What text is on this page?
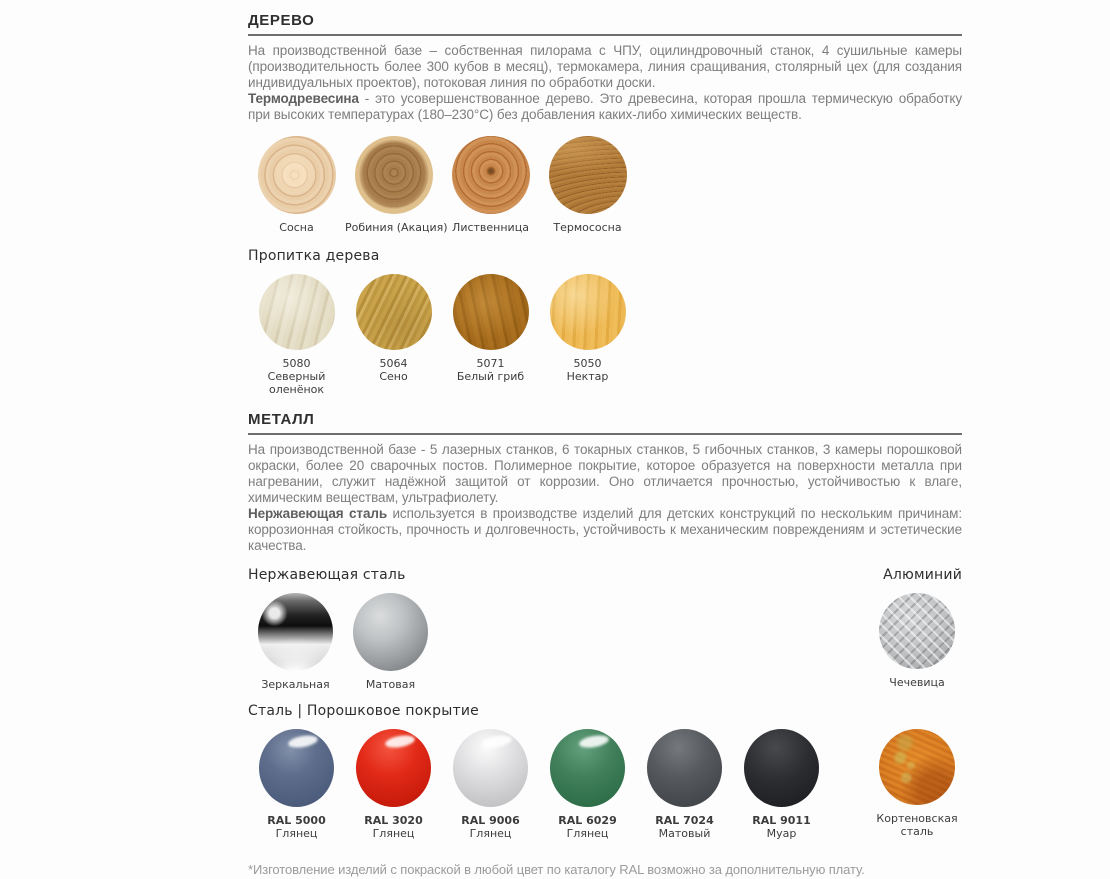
ДЕРЕВО

На производственной базе – собственная пилорама с ЧПУ, оцилиндровочный станок, 4 сушильные камеры (производительность более 300 кубов в месяц), термокамера, линия сращивания, столярный цех (для создания индивидуальных проектов), потоковая линия по обработки доски.

Термодревесина - это усовершенствованное дерево. Это древесина, которая прошла термическую обработку при высоких температурах (180–230°С) без добавления каких-либо химических веществ.

Сосна	Робиния (Акация) Лиственница	Термососна
Пропитка дерева
5080
Северный оленёнок
5064
Сено
5071
Белый гриб
5050
Нектар
МЕТАЛЛ

На производственной базе - 5 лазерных станков, 6 токарных станков, 5 гибочных станков, 3 камеры порошковой окраски, более 20 сварочных постов. Полимерное покрытие, которое образуется на поверхности металла при нагревании, служит надёжной защитой от коррозии. Оно отличается прочностью, устойчивостью к влаге, химическим веществам, ультрафиолету.

Нержавеющая сталь используется в производстве изделий для детских конструкций по нескольким причинам: коррозионная стойкость, прочность и долговечность, устойчивость к механическим повреждениям и эстетические качества.

Нержавеющая сталь	Алюминий
Зеркальная	Матовая	Чечевица
Сталь | Порошковое покрытие
RAL 5000
Глянец
RAL 3020
Глянец
RAL 9006
Глянец
RAL 6029
Глянец
RAL 7024
Матовый
RAL 9011
Муар
Кортеновская
сталь

*Изготовление изделий с покраской в любой цвет по каталогу RAL возможно за дополнительную плату.
